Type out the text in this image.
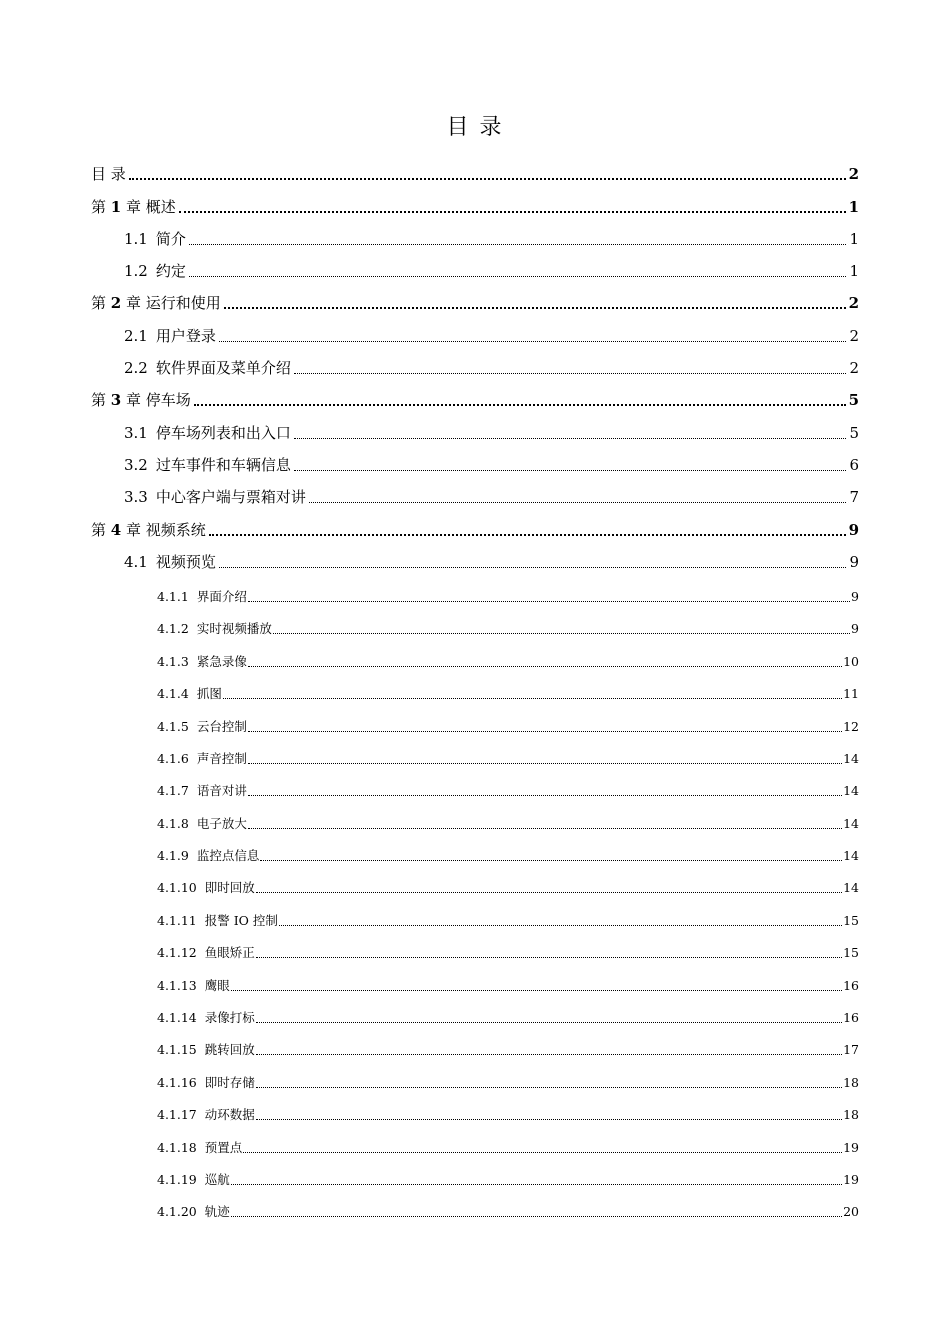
目 录
目 录	2
第 1 章 概述	1
1.1 简介	1
1.2 约定	1
第 2 章 运行和使用	2
2.1 用户登录	2
2.2 软件界面及菜单介绍	2
第 3 章 停车场	5
3.1 停车场列表和出入口	5
3.2 过车事件和车辆信息	6
3.3 中心客户端与票箱对讲	7
第 4 章 视频系统	9
4.1 视频预览	9
4.1.1 界面介绍	9
4.1.2 实时视频播放	9
4.1.3 紧急录像	10
4.1.4 抓图	11
4.1.5 云台控制	12
4.1.6 声音控制	14
4.1.7 语音对讲	14
4.1.8 电子放大	14
4.1.9 监控点信息	14
4.1.10 即时回放	14
4.1.11 报警 IO 控制	15
4.1.12 鱼眼矫正	15
4.1.13 鹰眼	16
4.1.14 录像打标	16
4.1.15 跳转回放	17
4.1.16 即时存储	18
4.1.17 动环数据	18
4.1.18 预置点	19
4.1.19 巡航	19
4.1.20 轨迹	20
